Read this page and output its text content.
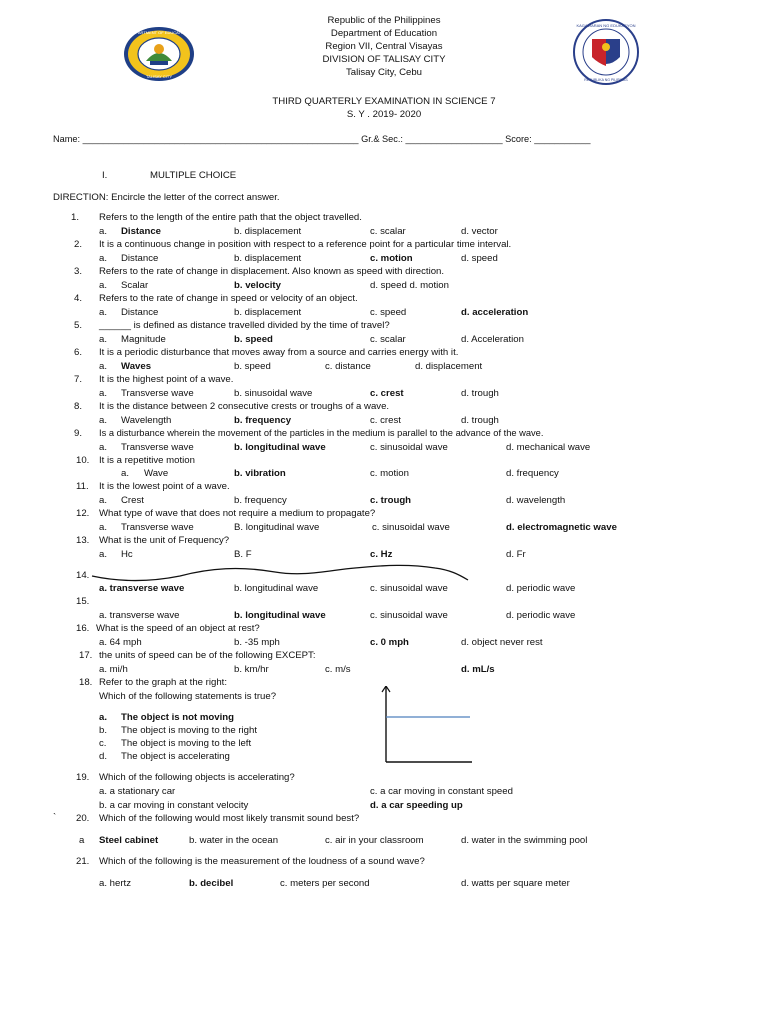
DEPARTMENT OF EDUCATION
TALISAY CITY
KAGAWARAN NG EDUKASYON
REPUBLIKA NG PILIPINAS
Republic of the Philippines
Department of Education
Region VII, Central Visayas
DIVISION OF TALISAY CITY
Talisay City, Cebu
THIRD QUARTERLY EXAMINATION IN SCIENCE 7
S. Y . 2019- 2020
Name: ______________________________________________________ Gr.& Sec.: ___________________ Score: ___________
I.	MULTIPLE CHOICE
DIRECTION: Encircle the letter of the correct answer.
1. Refers to the length of the entire path that the object travelled.
a. Distance	b. displacement	c. scalar	d. vector
2. It is a continuous change in position with respect to a reference point for a particular time interval.
a. Distance	b. displacement	c. motion	d. speed
3. Refers to the rate of change in displacement. Also known as speed with direction.
a. Scalar	b. velocity	d. speed d. motion
4. Refers to the rate of change in speed or velocity of an object.
a. Distance	b. displacement	c. speed	d. acceleration
5. ______ is defined as distance travelled divided by the time of travel?
a. Magnitude	b. speed	c. scalar	d. Acceleration
6. It is a periodic disturbance that moves away from a source and carries energy with it.
a. Waves	b. speed	c. distance	d. displacement
7. It is the highest point of a wave.
a. Transverse wave	b. sinusoidal wave	c. crest	d. trough
8. It is the distance between 2 consecutive crests or troughs of a wave.
a. Wavelength	b. frequency	c. crest	d. trough
9. Is a disturbance wherein the movement of the particles in the medium is parallel to the advance of the wave.
a. Transverse wave	b. longitudinal wave	c. sinusoidal wave	d. mechanical wave
10. It is a repetitive motion
a. Wave	b. vibration	c. motion	d. frequency
11. It is the lowest point of a wave.
a. Crest	b. frequency	c. trough	d. wavelength
12. What type of wave that does not require a medium to propagate?
a. Transverse wave	B. longitudinal wave	c. sinusoidal wave	d. electromagnetic wave
13. What is the unit of Frequency?
a. Hc	B. F	c. Hz	d. Fr
14.
a. transverse wave	b. longitudinal wave	c. sinusoidal wave	d. periodic wave
15.
a. transverse wave	b. longitudinal wave	c. sinusoidal wave	d. periodic wave
16. What is the speed of an object at rest?
a. 64 mph	b. -35 mph	c. 0 mph	d. object never rest
17. the units of speed can be of the following EXCEPT:
a. mi/h	b. km/hr	c. m/s	d. mL/s
18. Refer to the graph at the right:
Which of the following statements is true?
a. The object is not moving
b. The object is moving to the right
c. The object is moving to the left
d. The object is accelerating
19. Which of the following objects is accelerating?
a. a stationary car	c. a car moving in constant speed
b. a car moving in constant velocity	d. a car speeding up
` 20. Which of the following would most likely transmit sound best?
a Steel cabinet	b. water in the ocean	c. air in your classroom	d. water in the swimming pool
21. Which of the following is the measurement of the loudness of a sound wave?
a. hertz	b. decibel	c. meters per second	d. watts per square meter
